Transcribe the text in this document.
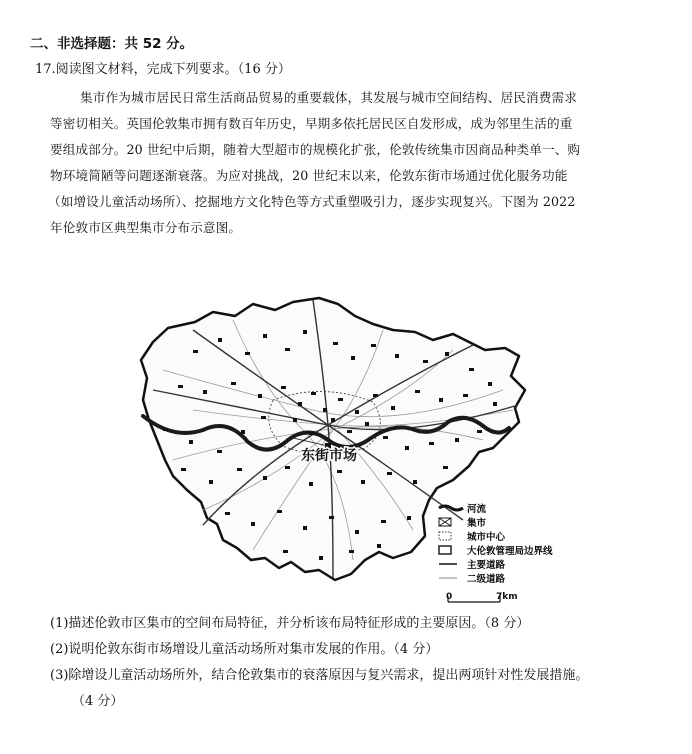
二、非选择题：共 52 分。
17.阅读图文材料，完成下列要求。（16 分）
集市作为城市居民日常生活商品贸易的重要载体，其发展与城市空间结构、居民消费需求
等密切相关。英国伦敦集市拥有数百年历史，早期多依托居民区自发形成，成为邻里生活的重
要组成部分。20 世纪中后期，随着大型超市的规模化扩张，伦敦传统集市因商品种类单一、购
物环境简陋等问题逐渐衰落。为应对挑战，20 世纪末以来，伦敦东街市场通过优化服务功能
（如增设儿童活动场所）、挖掘地方文化特色等方式重塑吸引力，逐步实现复兴。下图为 2022
年伦敦市区典型集市分布示意图。
东街市场
河流
集市
城市中心
大伦敦管理局边界线
主要道路
二级道路
0	7km
(1)描述伦敦市区集市的空间布局特征，并分析该布局特征形成的主要原因。（8 分）
(2)说明伦敦东街市场增设儿童活动场所对集市发展的作用。（4 分）
(3)除增设儿童活动场所外，结合伦敦集市的衰落原因与复兴需求，提出两项针对性发展措施。
（4 分）
